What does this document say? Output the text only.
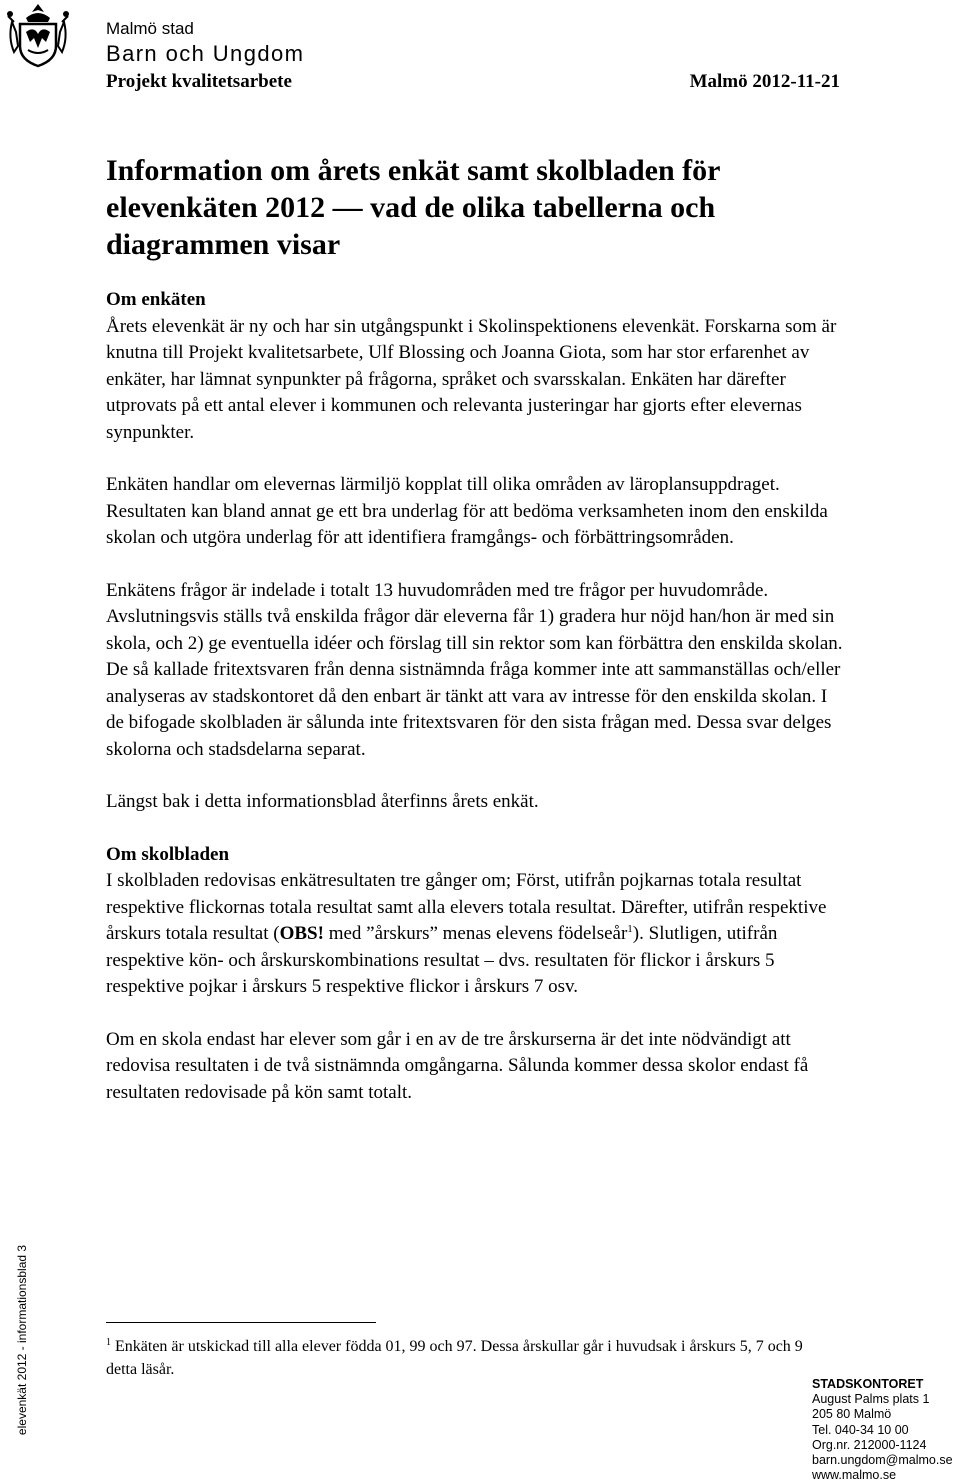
Malmö stad
Barn och Ungdom
Projekt kvalitetsarbete	Malmö 2012-11-21
Information om årets enkät samt skolbladen för elevenkäten 2012 — vad de olika tabellerna och diagrammen visar

Om enkäten

Årets elevenkät är ny och har sin utgångspunkt i Skolinspektionens elevenkät. Forskarna som är knutna till Projekt kvalitetsarbete, Ulf Blossing och Joanna Giota, som har stor erfarenhet av enkäter, har lämnat synpunkter på frågorna, språket och svarsskalan. Enkäten har därefter utprovats på ett antal elever i kommunen och relevanta justeringar har gjorts efter elevernas synpunkter.

Enkäten handlar om elevernas lärmiljö kopplat till olika områden av läroplansuppdraget. Resultaten kan bland annat ge ett bra underlag för att bedöma verksamheten inom den enskilda skolan och utgöra underlag för att identifiera framgångs- och förbättringsområden.

Enkätens frågor är indelade i totalt 13 huvudområden med tre frågor per huvudområde. Avslutningsvis ställs två enskilda frågor där eleverna får 1) gradera hur nöjd han/hon är med sin skola, och 2) ge eventuella idéer och förslag till sin rektor som kan förbättra den enskilda skolan. De så kallade fritextsvaren från denna sistnämnda fråga kommer inte att sammanställas och/eller analyseras av stadskontoret då den enbart är tänkt att vara av intresse för den enskilda skolan. I de bifogade skolbladen är sålunda inte fritextsvaren för den sista frågan med. Dessa svar delges skolorna och stadsdelarna separat.

Längst bak i detta informationsblad återfinns årets enkät.

Om skolbladen

I skolbladen redovisas enkätresultaten tre gånger om; Först, utifrån pojkarnas totala resultat respektive flickornas totala resultat samt alla elevers totala resultat. Därefter, utifrån respektive årskurs totala resultat (OBS! med ”årskurs” menas elevens födelseår$^1$). Slutligen, utifrån respektive kön- och årskurskombinations resultat – dvs. resultaten för flickor i årskurs 5 respektive pojkar i årskurs 5 respektive flickor i årskurs 7 osv.

Om en skola endast har elever som går i en av de tre årskurserna är det inte nödvändigt att redovisa resultaten i de två sistnämnda omgångarna. Sålunda kommer dessa skolor endast få resultaten redovisade på kön samt totalt.

$^1$ Enkäten är utskickad till alla elever födda 01, 99 och 97. Dessa årskullar går i huvudsak i årskurs 5, 7 och 9 detta läsår.
elevenkät 2012 - informationsblad 3	STADSKONTORET
August Palms plats 1
205 80 Malmö
Tel. 040-34 10 00
Org.nr. 212000-1124
barn.ungdom@malmo.se
www.malmo.se
